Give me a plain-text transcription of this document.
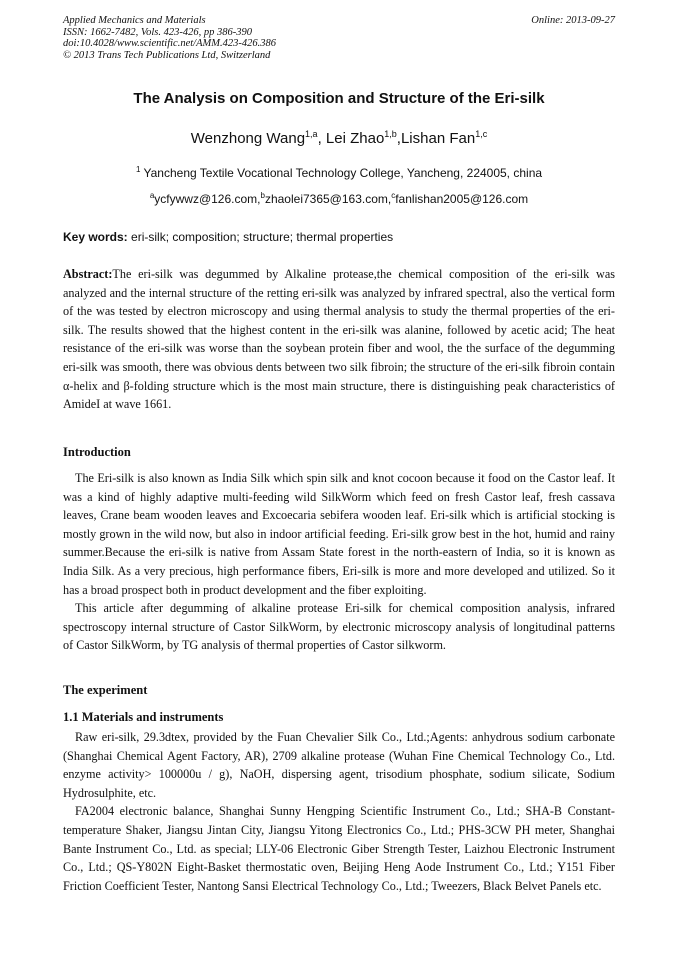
Applied Mechanics and Materials
ISSN: 1662-7482, Vols. 423-426, pp 386-390
doi:10.4028/www.scientific.net/AMM.423-426.386
© 2013 Trans Tech Publications Ltd, Switzerland
Online: 2013-09-27
The Analysis on Composition and Structure of the Eri-silk
Wenzhong Wang$^{1,a}$, Lei Zhao$^{1,b}$,Lishan Fan$^{1,c}$
$^1$ Yancheng Textile Vocational Technology College, Yancheng, 224005, china
$^a$ycfywwz@126.com,$^b$zhaolei7365@163.com,$^c$fanlishan2005@126.com
Key words: eri-silk; composition; structure; thermal properties
Abstract:The eri-silk was degummed by Alkaline protease,the chemical composition of the eri-silk was analyzed and the internal structure of the retting eri-silk was analyzed by infrared spectral, also the vertical form of the was tested by electron microscopy and using thermal analysis to study the thermal properties of the eri-silk. The results showed that the highest content in the eri-silk was alanine, followed by acetic acid; The heat resistance of the eri-silk was worse than the soybean protein fiber and wool, the the surface of the degumming eri-silk was smooth, there was obvious dents between two silk fibroin; the structure of the eri-silk fibroin contain α-helix and β-folding structure which is the most main structure, there is distinguishing peak characteristics of AmideI at wave 1661.
Introduction

The Eri-silk is also known as India Silk which spin silk and knot cocoon because it food on the Castor leaf. It was a kind of highly adaptive multi-feeding wild SilkWorm which feed on fresh Castor leaf, fresh cassava leaves, Crane beam wooden leaves and Excoecaria sebifera wooden leaf. Eri-silk which is artificial stocking is mostly grown in the wild now, but also in indoor artificial feeding. Eri-silk grow best in the hot, humid and rainy summer.Because the eri-silk is native from Assam State forest in the north-eastern of India, so it is known as India Silk. As a very precious, high performance fibers, Eri-silk is more and more developed and utilized. So it has a broad prospect both in product development and the fiber exploiting.

This article after degumming of alkaline protease Eri-silk for chemical composition analysis, infrared spectroscopy internal structure of Castor SilkWorm, by electronic microscopy analysis of longitudinal patterns of Castor SilkWorm, by TG analysis of thermal properties of Castor silkworm.

The experiment
1.1 Materials and instruments

Raw eri-silk, 29.3dtex, provided by the Fuan Chevalier Silk Co., Ltd.;Agents: anhydrous sodium carbonate (Shanghai Chemical Agent Factory, AR), 2709 alkaline protease (Wuhan Fine Chemical Technology Co., Ltd. enzyme activity> 100000u / g), NaOH, dispersing agent, trisodium phosphate, sodium silicate, Sodium Hydrosulphite, etc.

FA2004 electronic balance, Shanghai Sunny Hengping Scientific Instrument Co., Ltd.; SHA-B Constant-temperature Shaker, Jiangsu Jintan City, Jiangsu Yitong Electronics Co., Ltd.; PHS-3CW PH meter, Shanghai Bante Instrument Co., Ltd. as special; LLY-06 Electronic Giber Strength Tester, Laizhou Electronic Instrument Co., Ltd.; QS-Y802N Eight-Basket thermostatic oven, Beijing Heng Aode Instrument Co., Ltd.; Y151 Fiber Friction Coefficient Tester, Nantong Sansi Electrical Technology Co., Ltd.; Tweezers, Black Belvet Panels etc.
